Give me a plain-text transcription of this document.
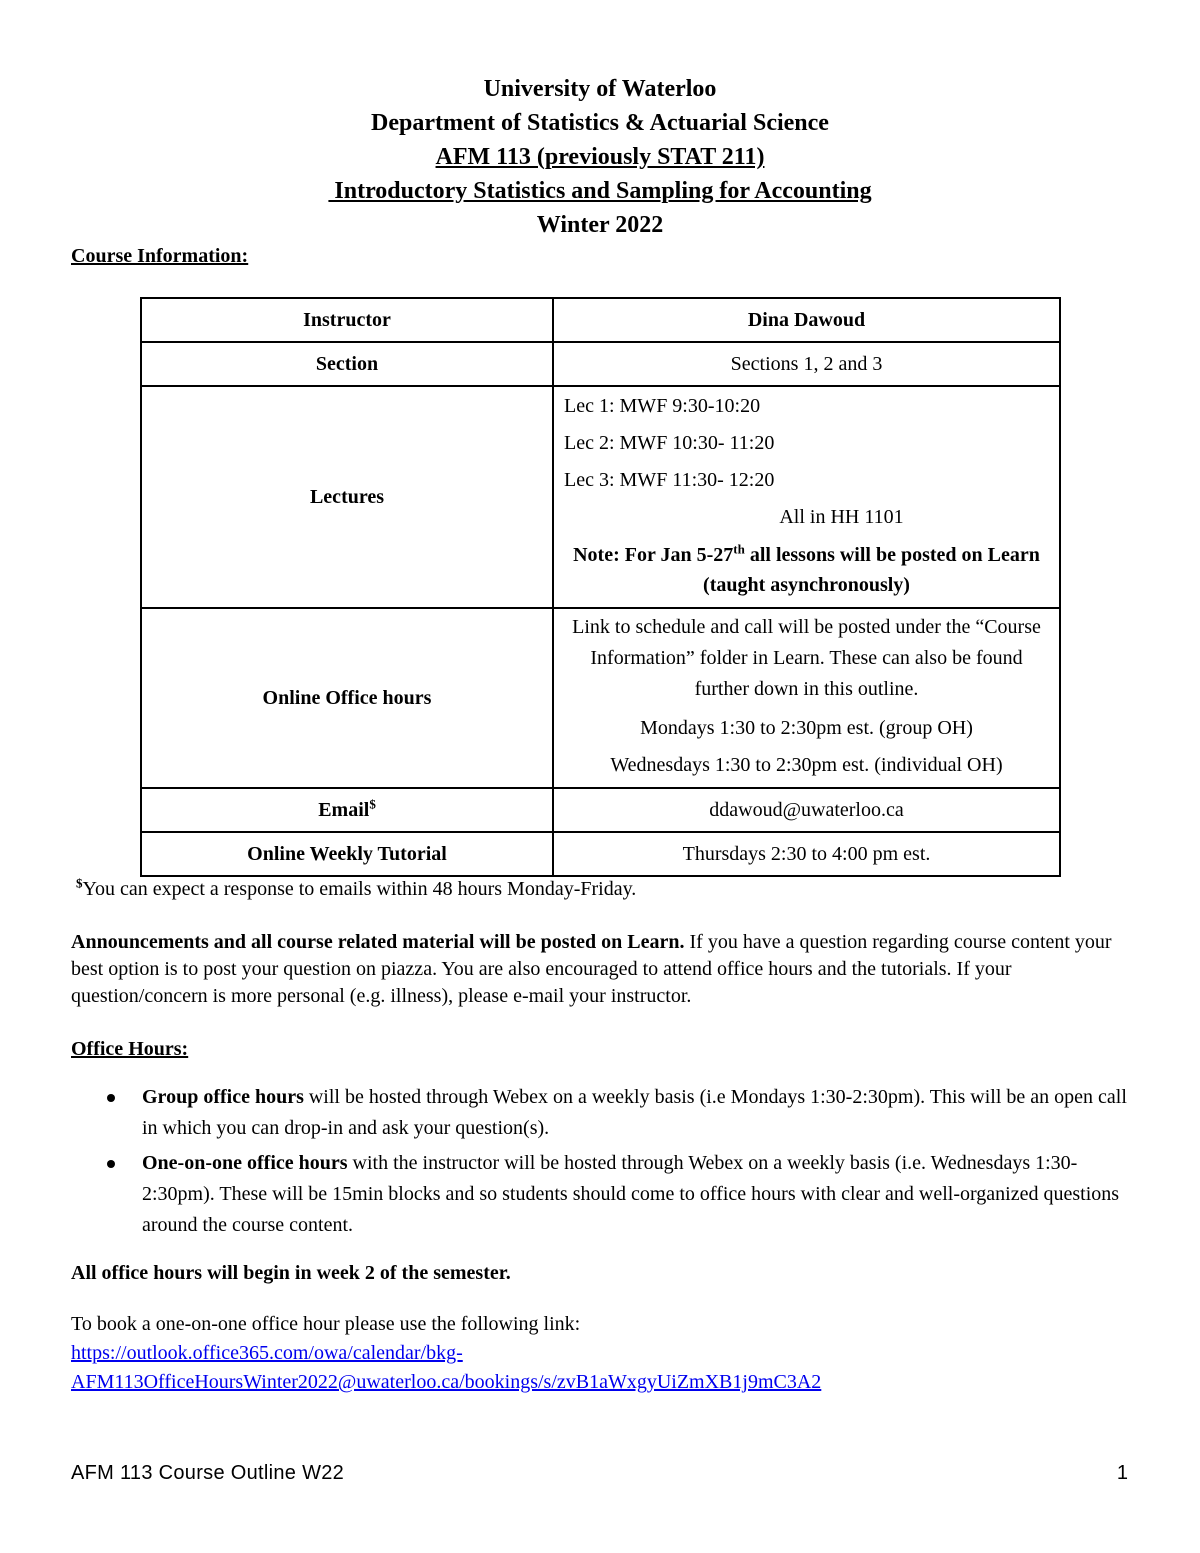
University of Waterloo
Department of Statistics & Actuarial Science
AFM 113 (previously STAT 211)
Introductory Statistics and Sampling for Accounting
Winter 2022
Course Information:
Instructor	Dina Dawoud
Section	Sections 1, 2 and 3
Lectures	Lec 1: MWF 9:30-10:20
Lec 2: MWF 10:30- 11:20
Lec 3: MWF 11:30- 12:20
All in HH 1101
Note: For Jan 5-27th all lessons will be posted on Learn (taught asynchronously)

Online Office hours	Link to schedule and call will be posted under the “Course Information” folder in Learn. These can also be found further down in this outline.
Mondays 1:30 to 2:30pm est. (group OH)
Wednesdays 1:30 to 2:30pm est. (individual OH)

Email$	ddawoud@uwaterloo.ca
Online Weekly Tutorial	Thursdays 2:30 to 4:00 pm est.
$You can expect a response to emails within 48 hours Monday-Friday.
Announcements and all course related material will be posted on Learn. If you have a question regarding course content your best option is to post your question on piazza. You are also encouraged to attend office hours and the tutorials. If your question/concern is more personal (e.g. illness), please e-mail your instructor.
Office Hours:
Group office hours will be hosted through Webex on a weekly basis (i.e Mondays 1:30-2:30pm). This will be an open call in which you can drop-in and ask your question(s).
One-on-one office hours with the instructor will be hosted through Webex on a weekly basis (i.e. Wednesdays 1:30-2:30pm). These will be 15min blocks and so students should come to office hours with clear and well-organized questions around the course content.
All office hours will begin in week 2 of the semester.
To book a one-on-one office hour please use the following link:
https://outlook.office365.com/owa/calendar/bkg-
AFM113OfficeHoursWinter2022@uwaterloo.ca/bookings/s/zvB1aWxgyUiZmXB1j9mC3A2
AFM 113 Course Outline W22	1
